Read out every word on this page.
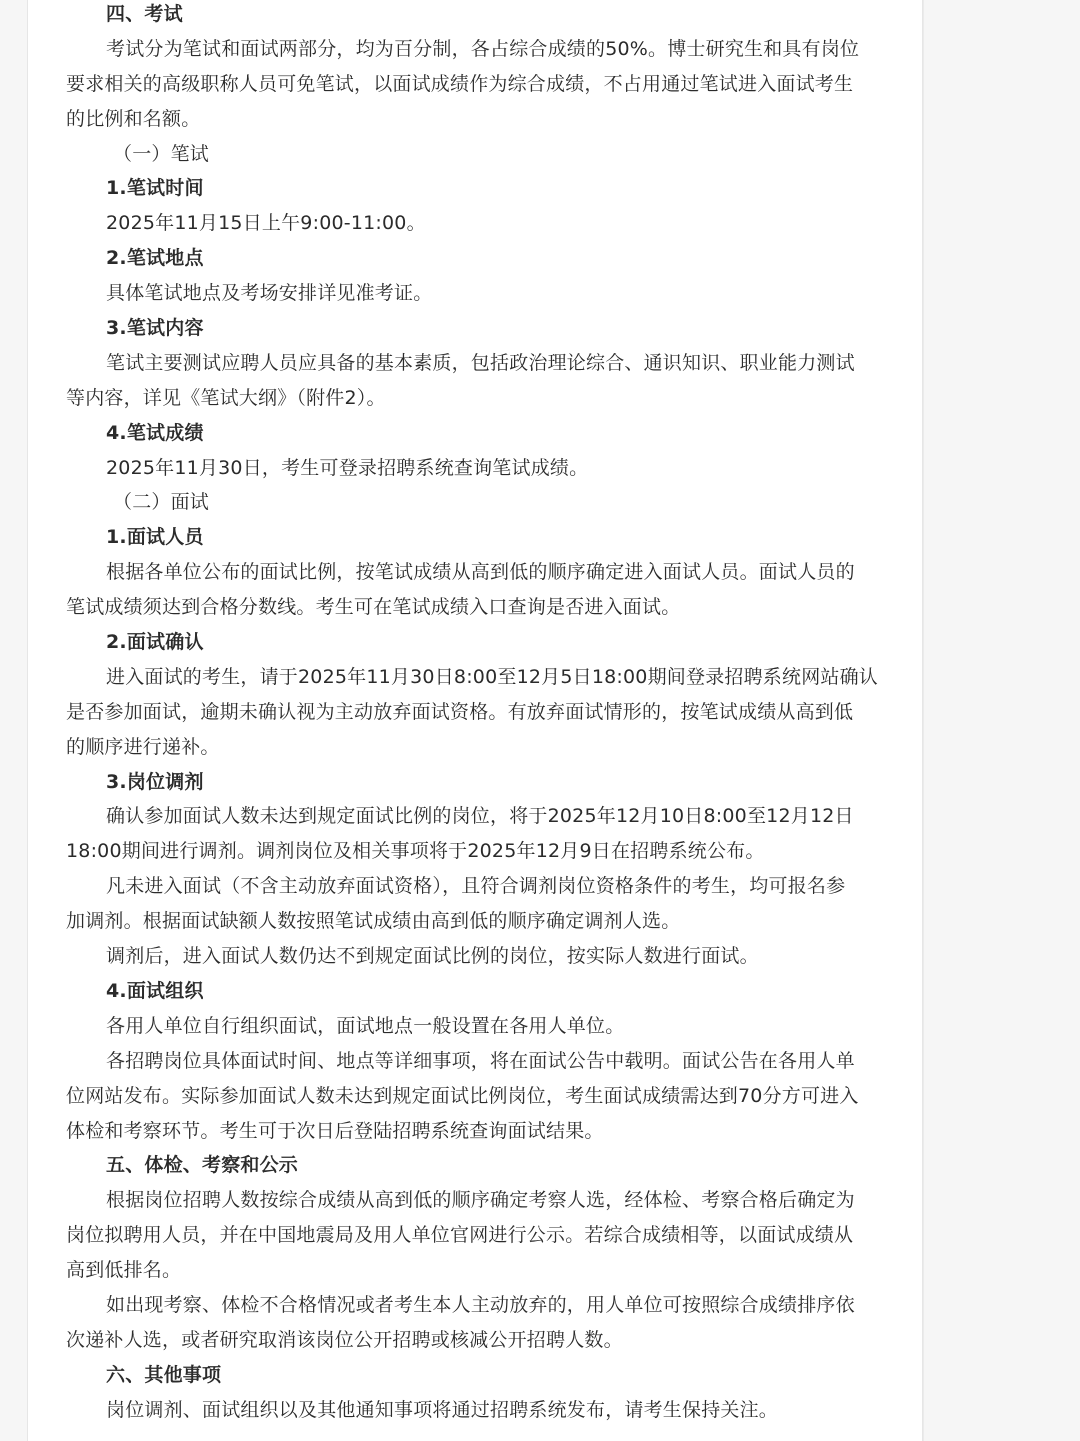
四、考试
考试分为笔试和面试两部分，均为百分制，各占综合成绩的50%。博士研究生和具有岗位
要求相关的高级职称人员可免笔试，以面试成绩作为综合成绩，不占用通过笔试进入面试考生
的比例和名额。
（一）笔试
1.笔试时间
2025年11月15日上午9:00-11:00。
2.笔试地点
具体笔试地点及考场安排详见准考证。
3.笔试内容
笔试主要测试应聘人员应具备的基本素质，包括政治理论综合、通识知识、职业能力测试
等内容，详见《笔试大纲》（附件2）。
4.笔试成绩
2025年11月30日，考生可登录招聘系统查询笔试成绩。
（二）面试
1.面试人员
根据各单位公布的面试比例，按笔试成绩从高到低的顺序确定进入面试人员。面试人员的
笔试成绩须达到合格分数线。考生可在笔试成绩入口查询是否进入面试。
2.面试确认
进入面试的考生，请于2025年11月30日8:00至12月5日18:00期间登录招聘系统网站确认
是否参加面试，逾期未确认视为主动放弃面试资格。有放弃面试情形的，按笔试成绩从高到低
的顺序进行递补。
3.岗位调剂
确认参加面试人数未达到规定面试比例的岗位，将于2025年12月10日8:00至12月12日
18:00期间进行调剂。调剂岗位及相关事项将于2025年12月9日在招聘系统公布。
凡未进入面试（不含主动放弃面试资格），且符合调剂岗位资格条件的考生，均可报名参
加调剂。根据面试缺额人数按照笔试成绩由高到低的顺序确定调剂人选。
调剂后，进入面试人数仍达不到规定面试比例的岗位，按实际人数进行面试。
4.面试组织
各用人单位自行组织面试，面试地点一般设置在各用人单位。
各招聘岗位具体面试时间、地点等详细事项，将在面试公告中载明。面试公告在各用人单
位网站发布。实际参加面试人数未达到规定面试比例岗位，考生面试成绩需达到70分方可进入
体检和考察环节。考生可于次日后登陆招聘系统查询面试结果。
五、体检、考察和公示
根据岗位招聘人数按综合成绩从高到低的顺序确定考察人选，经体检、考察合格后确定为
岗位拟聘用人员，并在中国地震局及用人单位官网进行公示。若综合成绩相等，以面试成绩从
高到低排名。
如出现考察、体检不合格情况或者考生本人主动放弃的，用人单位可按照综合成绩排序依
次递补人选，或者研究取消该岗位公开招聘或核减公开招聘人数。
六、其他事项
岗位调剂、面试组织以及其他通知事项将通过招聘系统发布，请考生保持关注。
